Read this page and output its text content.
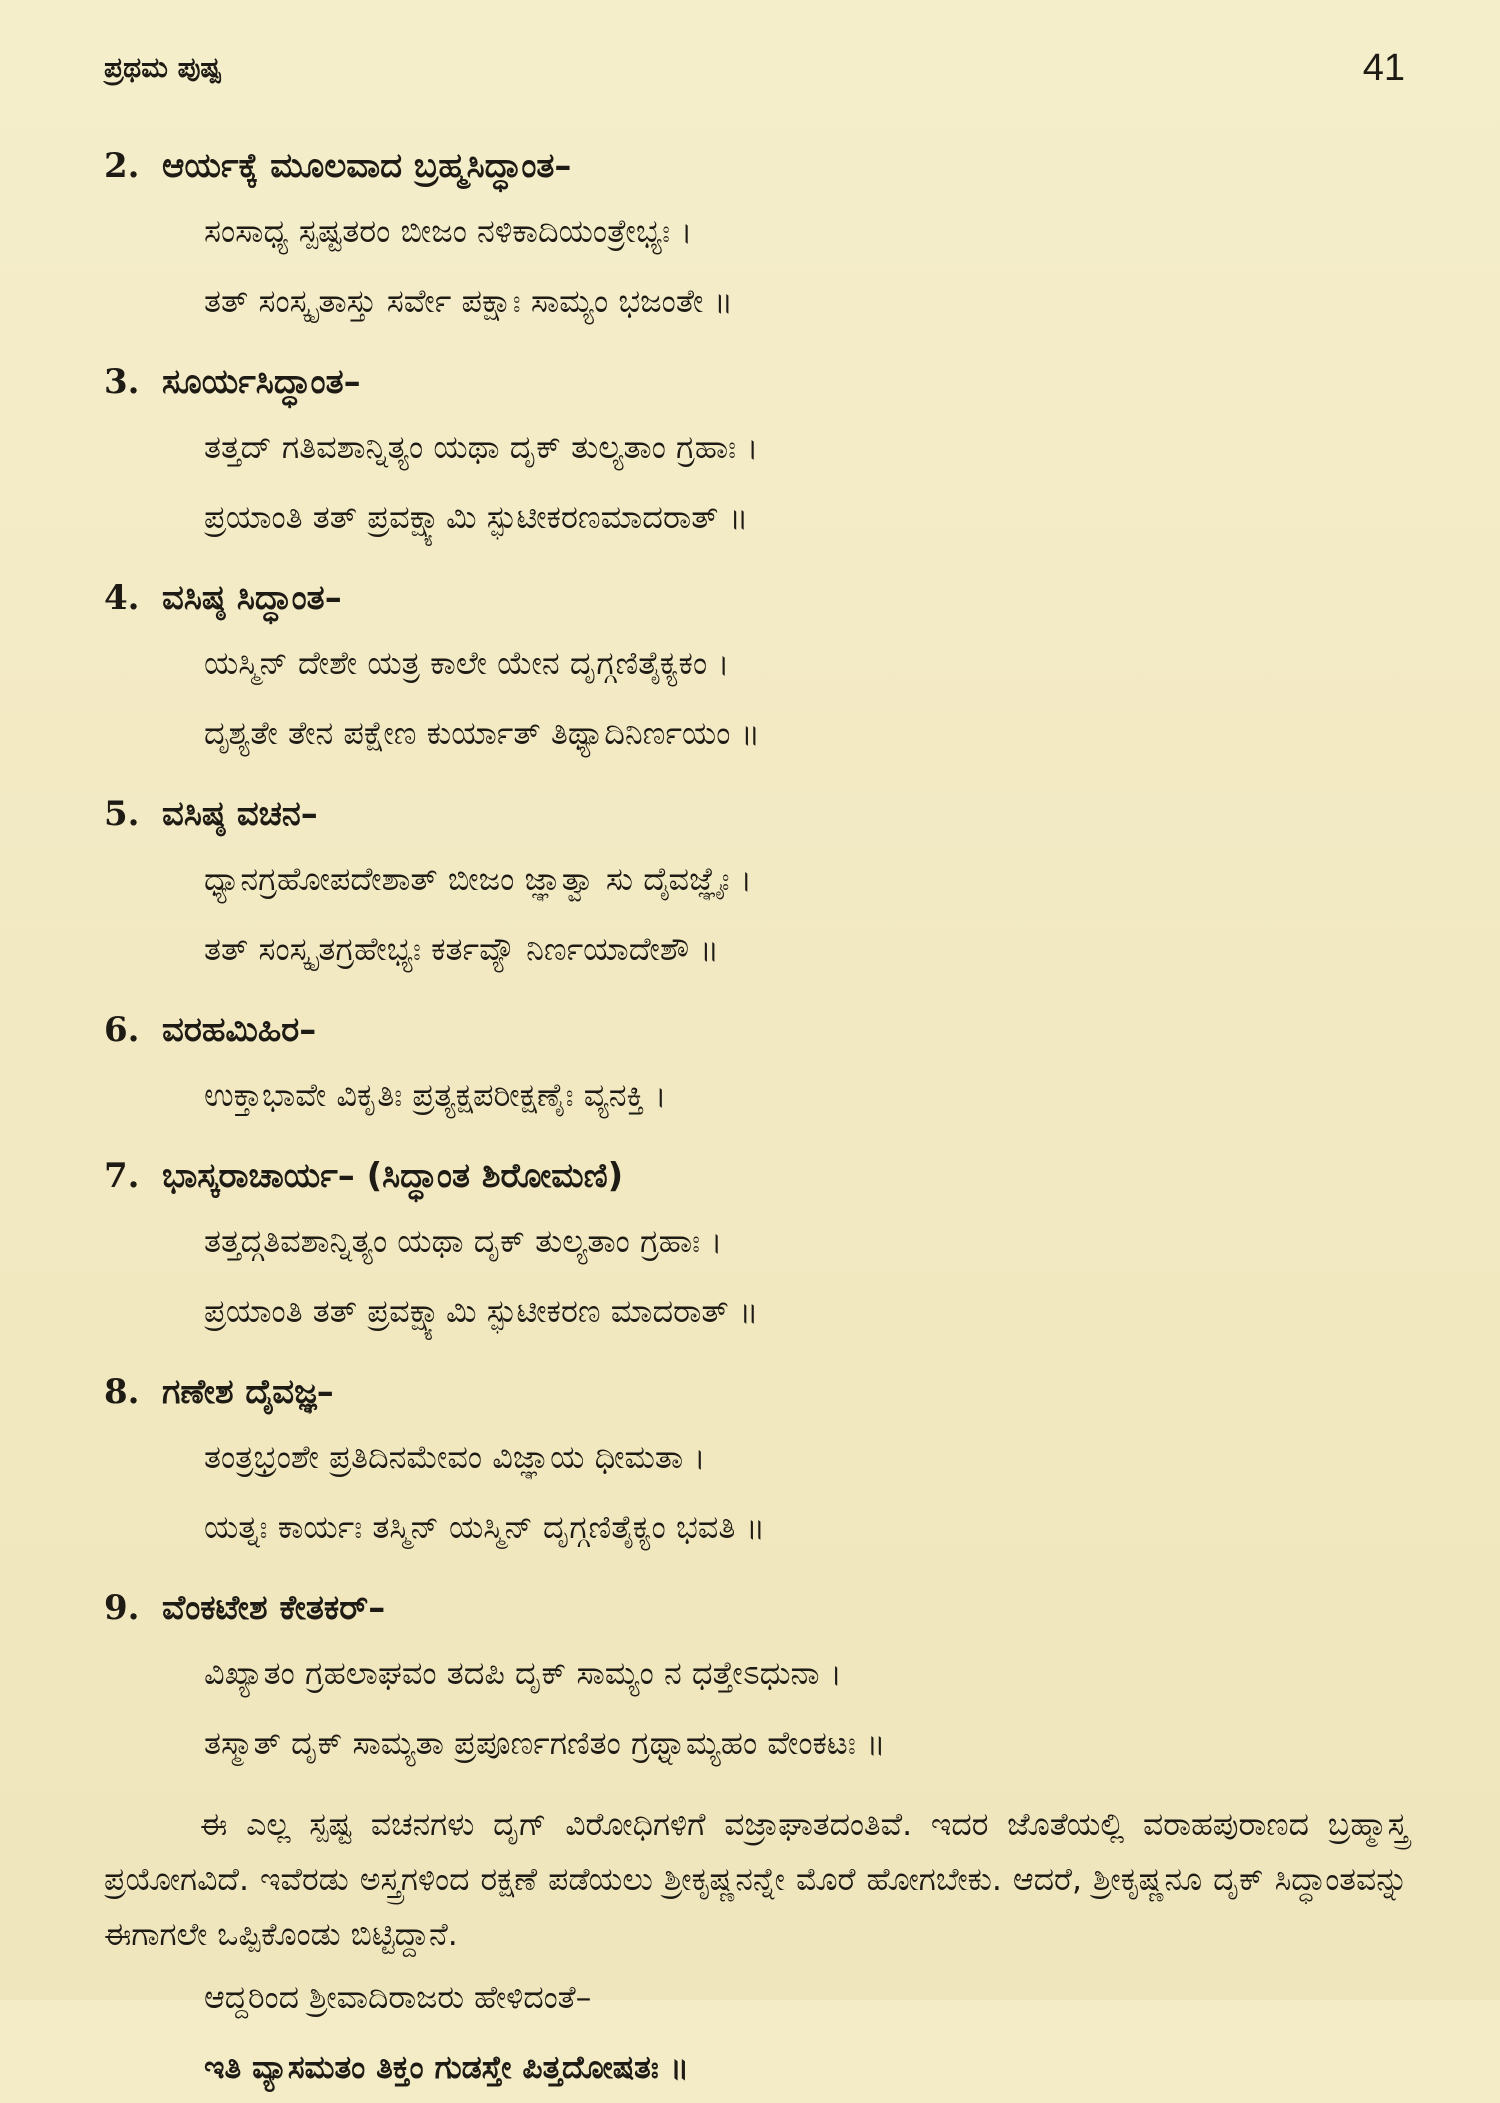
ಪ್ರಥಮ ಪುಷ್ಪ	41
2. ಆರ್ಯಕ್ಕೆ ಮೂಲವಾದ ಬ್ರಹ್ಮಸಿದ್ಧಾಂತ–
ಸಂಸಾಧ್ಯ ಸ್ಪಷ್ಟತರಂ ಬೀಜಂ ನಳಿಕಾದಿಯಂತ್ರೇಭ್ಯಃ ।
ತತ್ ಸಂಸ್ಕೃತಾಸ್ತು ಸರ್ವೇ ಪಕ್ಷಾಃ ಸಾಮ್ಯಂ ಭಜಂತೇ ॥
3. ಸೂರ್ಯಸಿದ್ಧಾಂತ–
ತತ್ತದ್ ಗತಿವಶಾನ್ನಿತ್ಯಂ ಯಥಾ ದೃಕ್ ತುಲ್ಯತಾಂ ಗ್ರಹಾಃ ।
ಪ್ರಯಾಂತಿ ತತ್ ಪ್ರವಕ್ಷ್ಯಾಮಿ ಸ್ಫುಟೀಕರಣಮಾದರಾತ್ ॥
4. ವಸಿಷ್ಠ ಸಿದ್ಧಾಂತ–
ಯಸ್ಮಿನ್ ದೇಶೇ ಯತ್ರ ಕಾಲೇ ಯೇನ ದೃಗ್ಗಣಿತೈಕ್ಯಕಂ ।
ದೃಶ್ಯತೇ ತೇನ ಪಕ್ಷೇಣ ಕುರ್ಯಾತ್ ತಿಥ್ಯಾದಿನಿರ್ಣಯಂ ॥
5. ವಸಿಷ್ಠ ವಚನ–
ಧ್ಯಾನಗ್ರಹೋಪದೇಶಾತ್ ಬೀಜಂ ಜ್ಞಾತ್ವಾ ಸು ದೈವಜ್ಞೈಃ ।
ತತ್ ಸಂಸ್ಕೃತಗ್ರಹೇಭ್ಯಃ ಕರ್ತವ್ಯೌ ನಿರ್ಣಯಾದೇಶೌ ॥
6. ವರಹಮಿಹಿರ–
ಉಕ್ತಾಭಾವೇ ವಿಕೃತಿಃ ಪ್ರತ್ಯಕ್ಷಪರೀಕ್ಷಣೈಃ ವ್ಯನಕ್ತಿ ।
7. ಭಾಸ್ಕರಾಚಾರ್ಯ– (ಸಿದ್ಧಾಂತ ಶಿರೋಮಣಿ)
ತತ್ತದ್ಗತಿವಶಾನ್ನಿತ್ಯಂ ಯಥಾ ದೃಕ್ ತುಲ್ಯತಾಂ ಗ್ರಹಾಃ ।
ಪ್ರಯಾಂತಿ ತತ್ ಪ್ರವಕ್ಷ್ಯಾಮಿ ಸ್ಫುಟೀಕರಣ ಮಾದರಾತ್ ॥
8. ಗಣೇಶ ದೈವಜ್ಞ–
ತಂತ್ರಭ್ರಂಶೇ ಪ್ರತಿದಿನಮೇವಂ ವಿಜ್ಞಾಯ ಧೀಮತಾ ।
ಯತ್ನಃ ಕಾರ್ಯಃ ತಸ್ಮಿನ್ ಯಸ್ಮಿನ್ ದೃಗ್ಗಣಿತೈಕ್ಯಂ ಭವತಿ ॥
9. ವೆಂಕಟೇಶ ಕೇತಕರ್–
ವಿಖ್ಯಾತಂ ಗ್ರಹಲಾಘವಂ ತದಪಿ ದೃಕ್ ಸಾಮ್ಯಂ ನ ಧತ್ತೇಽಧುನಾ ।
ತಸ್ಮಾತ್ ದೃಕ್ ಸಾಮ್ಯತಾ ಪ್ರಪೂರ್ಣಗಣಿತಂ ಗ್ರಥ್ನಾಮ್ಯಹಂ ವೇಂಕಟಃ ॥

ಈ ಎಲ್ಲ ಸ್ಪಷ್ಟ ವಚನಗಳು ದೃಗ್ ವಿರೋಧಿಗಳಿಗೆ ವಜ್ರಾಘಾತದಂತಿವೆ. ಇದರ ಜೊತೆಯಲ್ಲಿ ವರಾಹಪುರಾಣದ ಬ್ರಹ್ಮಾಸ್ತ್ರ ಪ್ರಯೋಗವಿದೆ. ಇವೆರಡು ಅಸ್ತ್ರಗಳಿಂದ ರಕ್ಷಣೆ ಪಡೆಯಲು ಶ್ರೀಕೃಷ್ಣನನ್ನೇ ಮೊರೆ ಹೋಗಬೇಕು. ಆದರೆ, ಶ್ರೀಕೃಷ್ಣನೂ ದೃಕ್ ಸಿದ್ಧಾಂತವನ್ನು ಈಗಾಗಲೇ ಒಪ್ಪಿಕೊಂಡು ಬಿಟ್ಟಿದ್ದಾನೆ.

ಆದ್ದರಿಂದ ಶ್ರೀವಾದಿರಾಜರು ಹೇಳಿದಂತೆ–
ಇತಿ ವ್ಯಾಸಮತಂ ತಿಕ್ತಂ ಗುಡಸ್ತೇ ಪಿತ್ತದೋಷತಃ ॥
